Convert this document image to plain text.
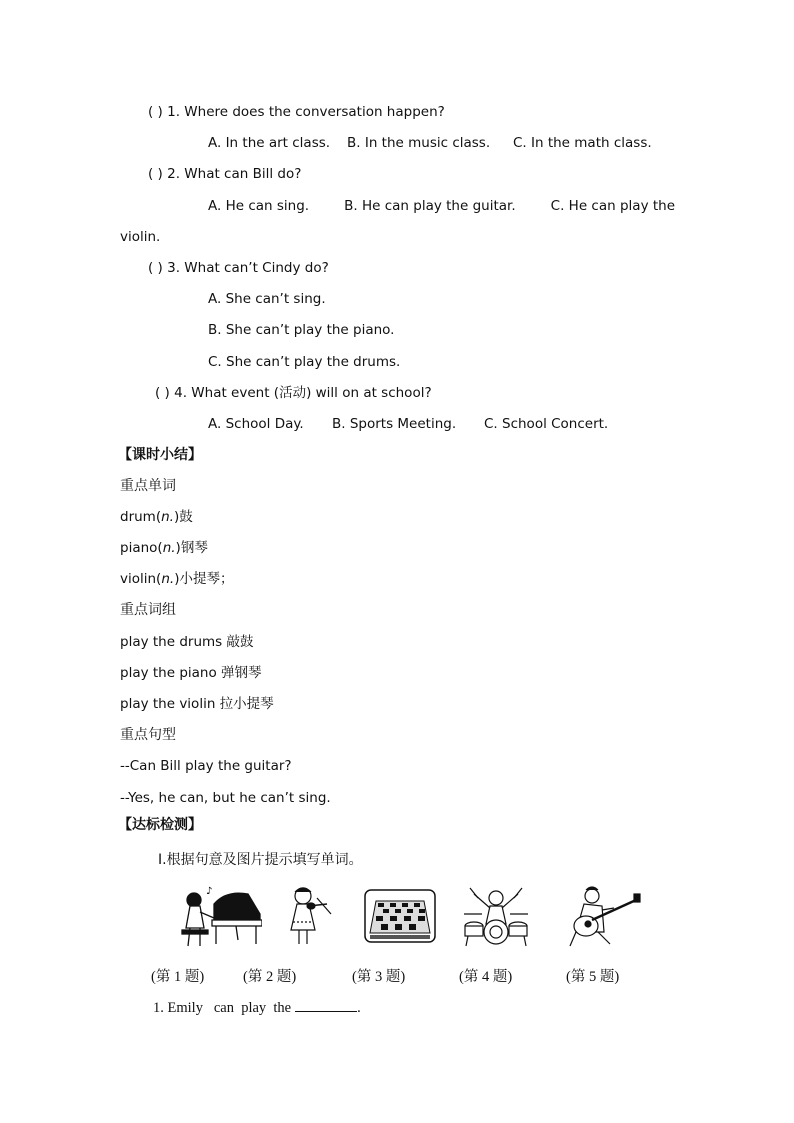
( ) 1. Where does the conversation happen?
A. In the art class. B. In the music class. C. In the math class.
( ) 2. What can Bill do?
A. He can sing.	B. He can play the guitar.	C. He can play the
violin.
( ) 3. What can’t Cindy do?
A. She can’t sing.
B. She can’t play the piano.
C. She can’t play the drums.
( ) 4. What event (活动) will on at school?
A. School Day. B. Sports Meeting. C. School Concert.
【课时小结】
重点单词
drum(n.)鼓
piano(n.)钢琴
violin(n.)小提琴；
重点词组
play the drums 敲鼓
play the piano 弹钢琴
play the violin 拉小提琴
重点句型
--Can Bill play the guitar?
--Yes, he can, but he can’t sing.
【达标检测】
Ⅰ.根据句意及图片提示填写单词。
♪
(第 1 题)	(第 2 题)	(第 3 题)	(第 4 题)	(第 5 题)
1. Emily   can  play  the	.
